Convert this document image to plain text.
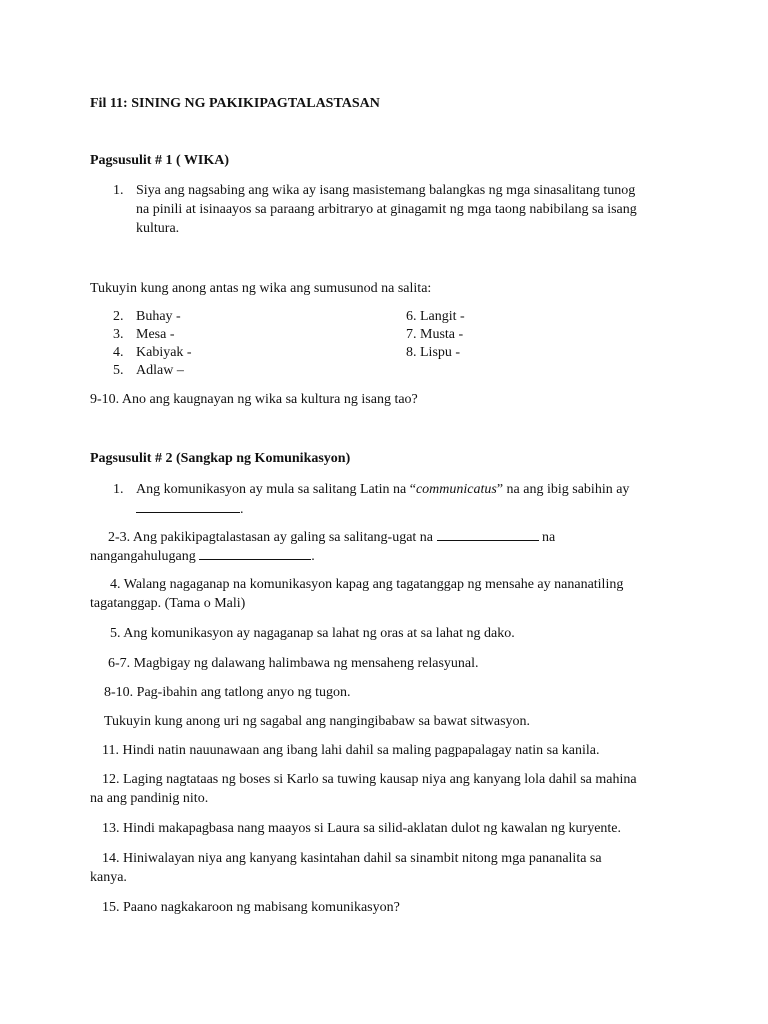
Fil 11: SINING NG PAKIKIPAGTALASTASAN
Pagsusulit # 1 ( WIKA)
1. Siya ang nagsabing ang wika ay isang masistemang balangkas ng mga sinasalitang tunog
na pinili at isinaayos sa paraang arbitraryo at ginagamit ng mga taong nabibilang sa isang
kultura.
Tukuyin kung anong antas ng wika ang sumusunod na salita:
2. Buhay -
3. Mesa -
4. Kabiyak -
5. Adlaw –
6. Langit -
7. Musta -
8. Lispu -
9-10. Ano ang kaugnayan ng wika sa kultura ng isang tao?
Pagsusulit # 2 (Sangkap ng Komunikasyon)
1. Ang komunikasyon ay mula sa salitang Latin na “communicatus” na ang ibig sabihin ay
.
2-3. Ang pakikipagtalastasan ay galing sa salitang-ugat na	na
nangangahulugang	.
4. Walang nagaganap na komunikasyon kapag ang tagatanggap ng mensahe ay nananatiling
tagatanggap. (Tama o Mali)
5. Ang komunikasyon ay nagaganap sa lahat ng oras at sa lahat ng dako.
6-7. Magbigay ng dalawang halimbawa ng mensaheng relasyunal.
8-10. Pag-ibahin ang tatlong anyo ng tugon.
Tukuyin kung anong uri ng sagabal ang nangingibabaw sa bawat sitwasyon.
11. Hindi natin nauunawaan ang ibang lahi dahil sa maling pagpapalagay natin sa kanila.
12. Laging nagtataas ng boses si Karlo sa tuwing kausap niya ang kanyang lola dahil sa mahina
na ang pandinig nito.
13. Hindi makapagbasa nang maayos si Laura sa silid-aklatan dulot ng kawalan ng kuryente.
14. Hiniwalayan niya ang kanyang kasintahan dahil sa sinambit nitong mga pananalita sa
kanya.
15. Paano nagkakaroon ng mabisang komunikasyon?
